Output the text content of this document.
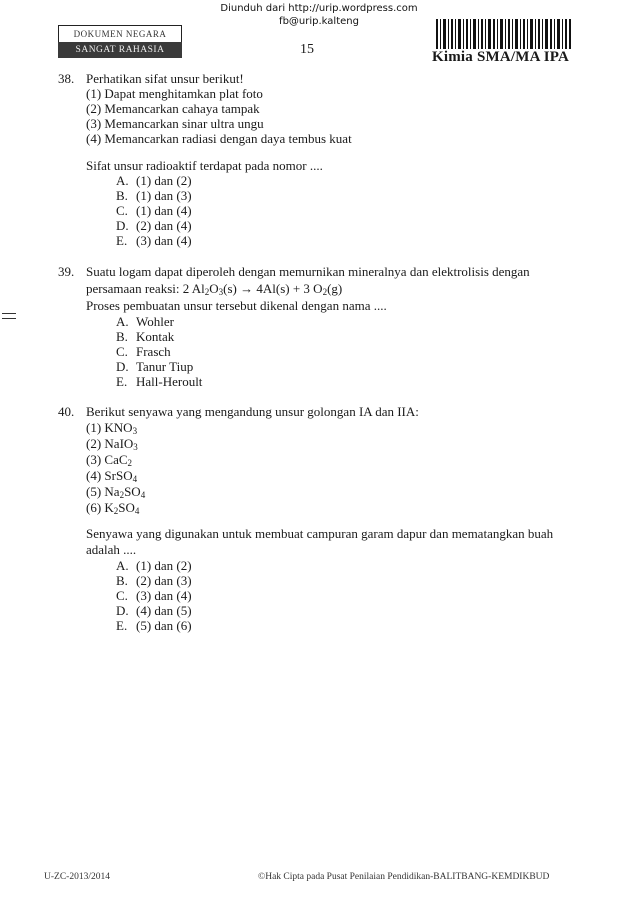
Diunduh dari http://urip.wordpress.com
fb@urip.kalteng
DOKUMEN NEGARA
SANGAT RAHASIA	15	Kimia SMA/MA IPA
38. Perhatikan sifat unsur berikut!
(1) Dapat menghitamkan plat foto
(2) Memancarkan cahaya tampak
(3) Memancarkan sinar ultra ungu
(4) Memancarkan radiasi dengan daya tembus kuat
Sifat unsur radioaktif terdapat pada nomor ....
A. (1) dan (2)
B. (1) dan (3)
C. (1) dan (4)
D. (2) dan (4)
E. (3) dan (4)
39. Suatu logam dapat diperoleh dengan memurnikan mineralnya dan elektrolisis dengan
persamaan reaksi: 2 $Al_2O_3(s) \to 4Al(s) + 3$ $O_2(g)$
Proses pembuatan unsur tersebut dikenal dengan nama ....
A. Wohler
B. Kontak
C. Frasch
D. Tanur Tiup
E. Hall-Heroult
40. Berikut senyawa yang mengandung unsur golongan IA dan IIA:
(1) $KNO_3$
(2) NaIO$_3$
(3) CaC$_2$
(4) SrSO$_4$
(5) $Na_2SO_4$
(6) $K_2SO_4$
Senyawa yang digunakan untuk membuat campuran garam dapur dan mematangkan buah
adalah ....
A. (1) dan (2)
B. (2) dan (3)
C. (3) dan (4)
D. (4) dan (5)
E. (5) dan (6)
U-ZC-2013/2014	©Hak Cipta pada Pusat Penilaian Pendidikan-BALITBANG-KEMDIKBUD
